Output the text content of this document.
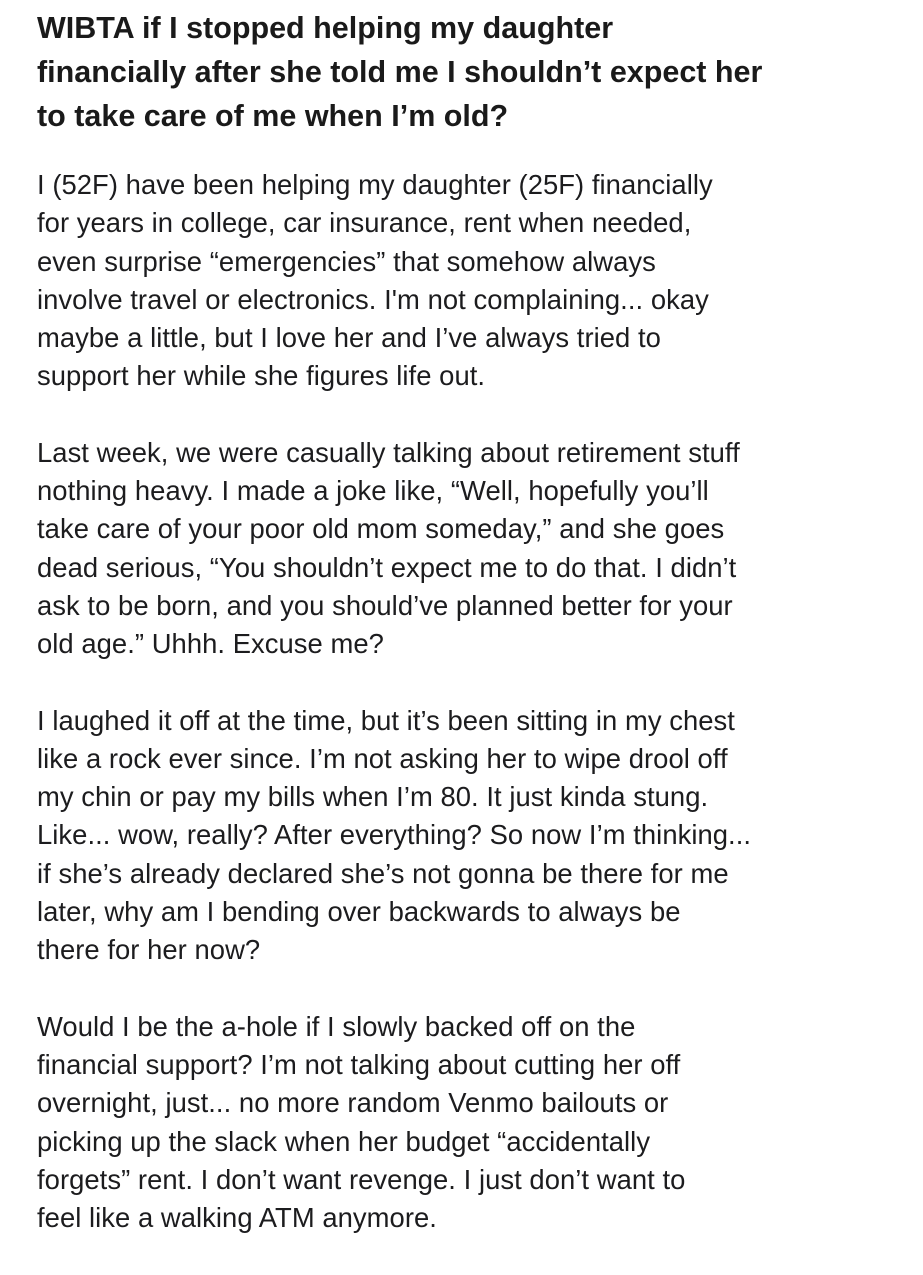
WIBTA if I stopped helping my daughter
financially after she told me I shouldn’t expect her
to take care of me when I’m old?

I (52F) have been helping my daughter (25F) financially
for years in college, car insurance, rent when needed,
even surprise “emergencies” that somehow always
involve travel or electronics. I'm not complaining... okay
maybe a little, but I love her and I’ve always tried to
support her while she figures life out.

Last week, we were casually talking about retirement stuff
nothing heavy. I made a joke like, “Well, hopefully you’ll
take care of your poor old mom someday,” and she goes
dead serious, “You shouldn’t expect me to do that. I didn’t
ask to be born, and you should’ve planned better for your
old age.” Uhhh. Excuse me?

I laughed it off at the time, but it’s been sitting in my chest
like a rock ever since. I’m not asking her to wipe drool off
my chin or pay my bills when I’m 80. It just kinda stung.
Like... wow, really? After everything? So now I’m thinking...
if she’s already declared she’s not gonna be there for me
later, why am I bending over backwards to always be
there for her now?

Would I be the a-hole if I slowly backed off on the
financial support? I’m not talking about cutting her off
overnight, just... no more random Venmo bailouts or
picking up the slack when her budget “accidentally
forgets” rent. I don’t want revenge. I just don’t want to
feel like a walking ATM anymore.
